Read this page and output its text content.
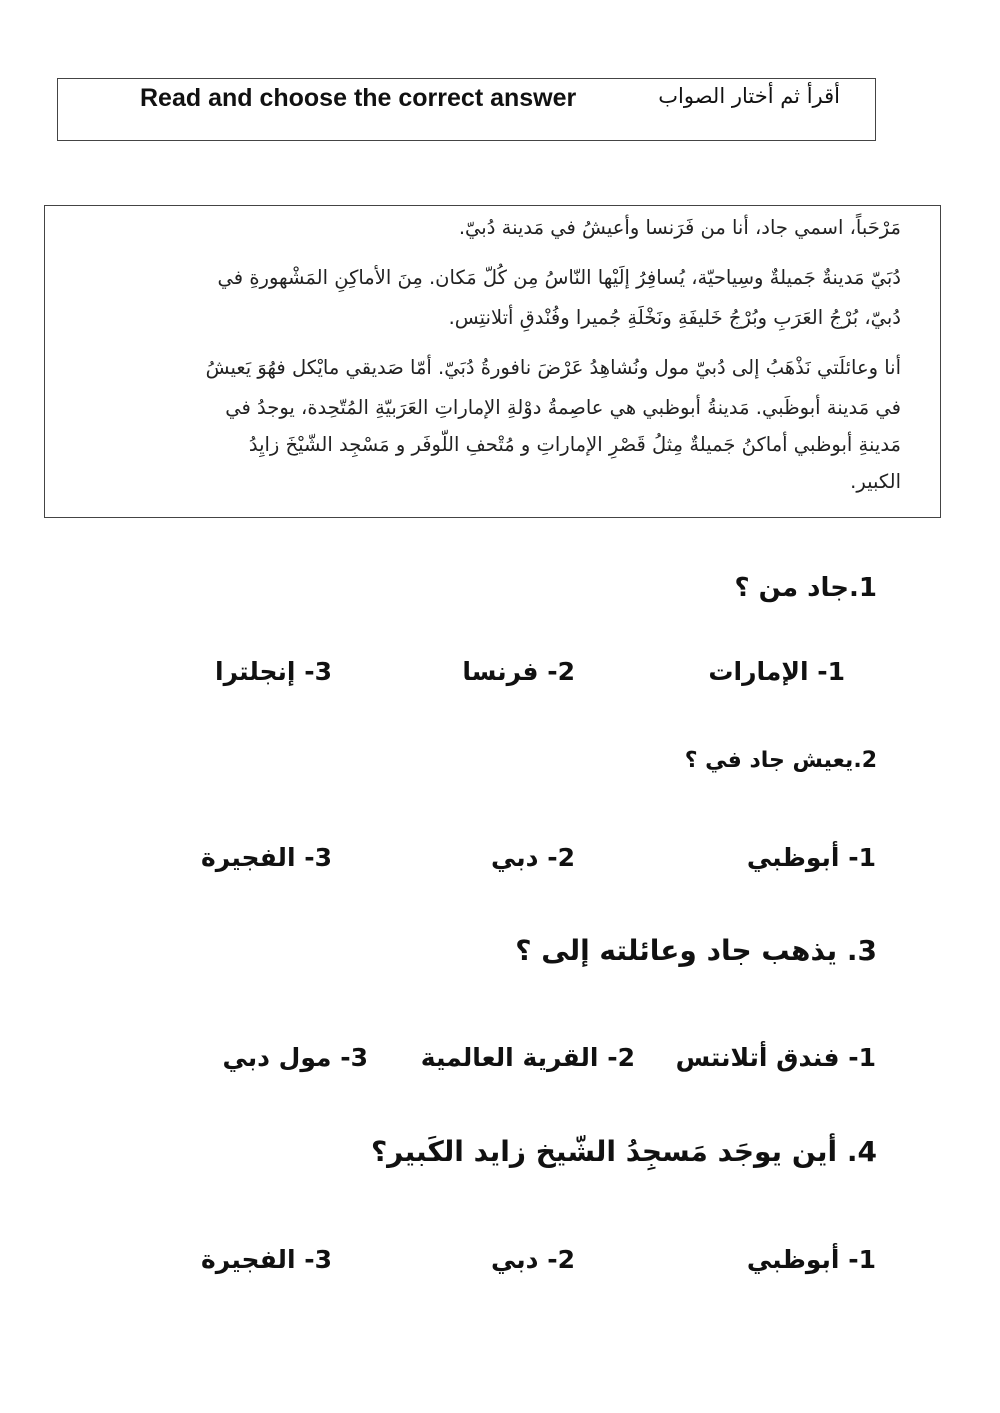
Read and choose the correct answer	أقرأ ثم أختار الصواب
مَرْحَباً، اسمي جاد، أنا من فَرَنسا وأعيشُ في مَدينة دُبيّ.
دُبَيّ مَدينةٌ جَميلةٌ وسِياحيّة، يُسافِرُ إلَيْها النّاسُ مِن كُلّ مَكان. مِنَ الأماكِنِ المَشْهورةِ في
دُبيّ، بُرْجُ العَرَبِ وبُرْجُ خَليفَةِ ونَخْلَةِ جُميرا وفُنْدقِ أتلانتِس.
أنا وعائلَتي نَذْهَبُ إلى دُبيّ مول ونُشاهِدُ عَرْضَ نافورةُ دُبَيّ. أمّا صَديقي مايْكل فهُوَ يَعيشُ
في مَدينة أبوظَبي. مَدينةُ أبوظبي هي عاصِمةُ دوْلةِ الإماراتِ العَرَبيّةِ المُتّحِدة، يوجدُ في
مَدينةِ أبوظبي أماكنُ جَميلةٌ مِثلُ قَصْرِ الإماراتِ و مُتْحفِ اللّوفَر و مَسْجِد الشّيْخَ زايِدُ
الكبير.
1.جاد من ؟
1- الإمارات
2- فرنسا
3- إنجلترا
2.يعيش جاد في ؟
1- أبوظبي
2- دبي
3- الفجيرة
3. يذهب جاد وعائلته إلى ؟
1- فندق أتلانتس
2- القرية العالمية
3- مول دبي
4. أين يوجَد مَسجِدُ الشّيخ زايد الكَبير؟
1- أبوظبي
2- دبي
3- الفجيرة
